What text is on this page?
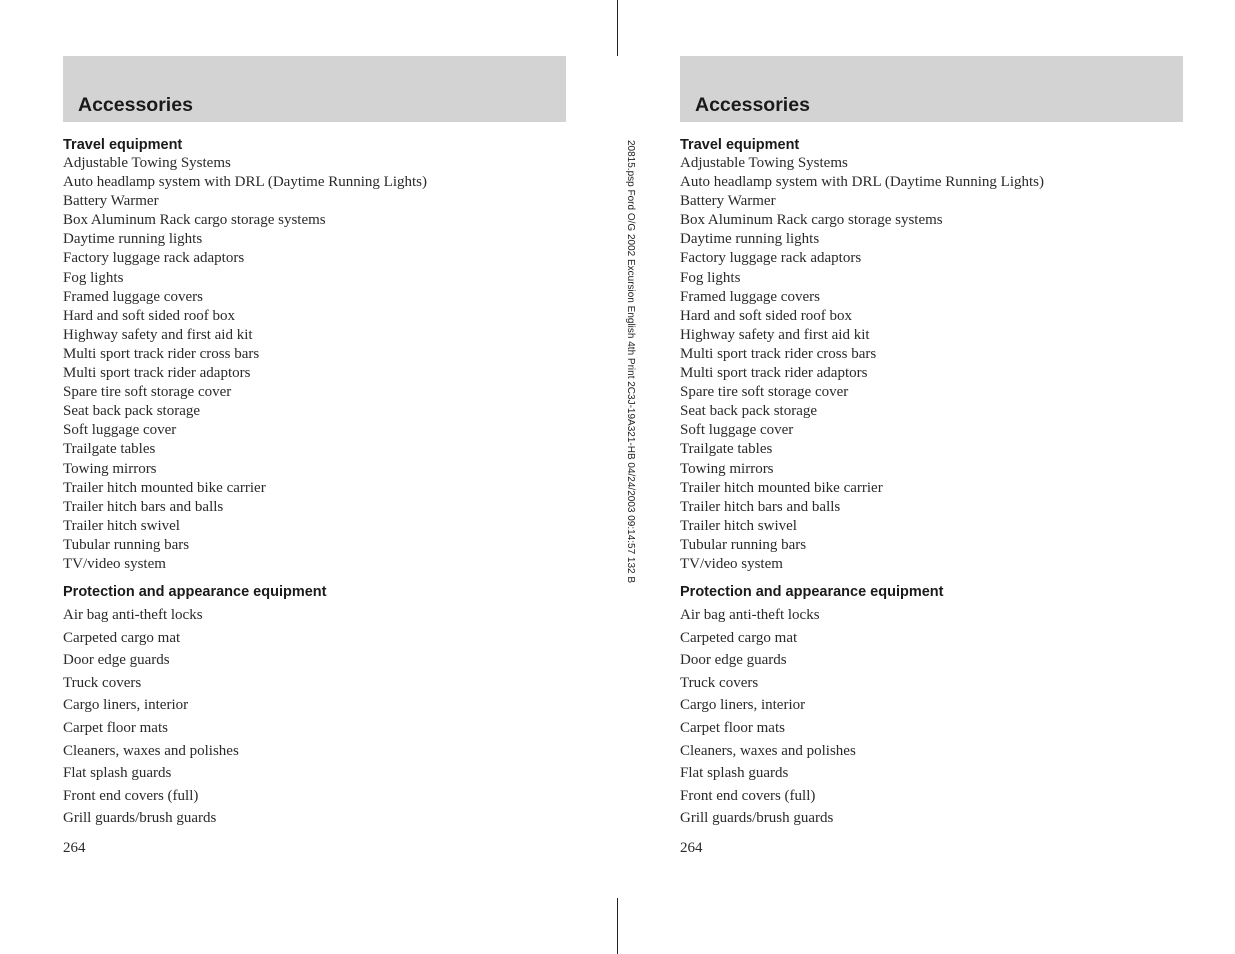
20815.psp Ford O/G 2002 Excursion English 4th Print 2C3J-19A321-HB 04/24/2003 09:14:57 132 B
Accessories
Travel equipment
Adjustable Towing Systems
Auto headlamp system with DRL (Daytime Running Lights)
Battery Warmer
Box Aluminum Rack cargo storage systems
Daytime running lights
Factory luggage rack adaptors
Fog lights
Framed luggage covers
Hard and soft sided roof box
Highway safety and first aid kit
Multi sport track rider cross bars
Multi sport track rider adaptors
Spare tire soft storage cover
Seat back pack storage
Soft luggage cover
Trailgate tables
Towing mirrors
Trailer hitch mounted bike carrier
Trailer hitch bars and balls
Trailer hitch swivel
Tubular running bars
TV/video system
Protection and appearance equipment
Air bag anti-theft locks
Carpeted cargo mat
Door edge guards
Truck covers
Cargo liners, interior
Carpet floor mats
Cleaners, waxes and polishes
Flat splash guards
Front end covers (full)
Grill guards/brush guards
264
Accessories
Travel equipment
Adjustable Towing Systems
Auto headlamp system with DRL (Daytime Running Lights)
Battery Warmer
Box Aluminum Rack cargo storage systems
Daytime running lights
Factory luggage rack adaptors
Fog lights
Framed luggage covers
Hard and soft sided roof box
Highway safety and first aid kit
Multi sport track rider cross bars
Multi sport track rider adaptors
Spare tire soft storage cover
Seat back pack storage
Soft luggage cover
Trailgate tables
Towing mirrors
Trailer hitch mounted bike carrier
Trailer hitch bars and balls
Trailer hitch swivel
Tubular running bars
TV/video system
Protection and appearance equipment
Air bag anti-theft locks
Carpeted cargo mat
Door edge guards
Truck covers
Cargo liners, interior
Carpet floor mats
Cleaners, waxes and polishes
Flat splash guards
Front end covers (full)
Grill guards/brush guards
264
